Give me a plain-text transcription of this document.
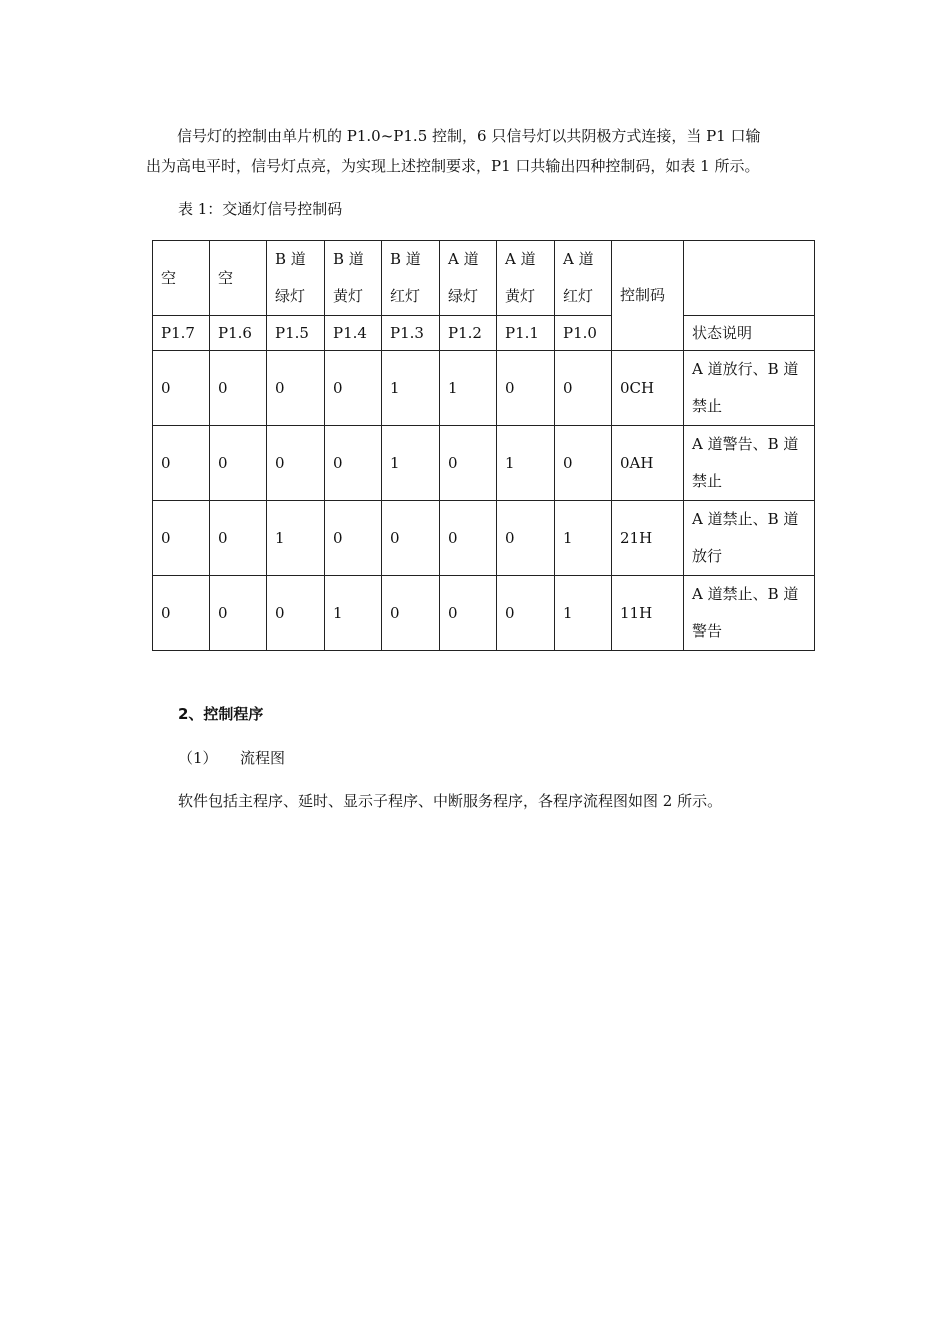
信号灯的控制由单片机的 P1.0~P1.5 控制，6 只信号灯以共阴极方式连接，当 P1 口输
出为高电平时，信号灯点亮，为实现上述控制要求，P1 口共输出四种控制码，如表 1 所示。

表 1：交通灯信号控制码
空	空	B 道绿灯	B 道黄灯	B 道红灯	A 道绿灯	A 道黄灯	A 道红灯	控制码	
P1.7	P1.6	P1.5	P1.4	P1.3	P1.2	P1.1	P1.0		状态说明
0	0	0	0	1	1	0	0	0CH	A 道放行、B 道禁止
0	0	0	0	1	0	1	0	0AH	A 道警告、B 道禁止
0	0	1	0	0	0	0	1	21H	A 道禁止、B 道放行
0	0	0	1	0	0	0	1	11H	A 道禁止、B 道警告
2、控制程序
（1） 流程图
软件包括主程序、延时、显示子程序、中断服务程序，各程序流程图如图 2 所示。
